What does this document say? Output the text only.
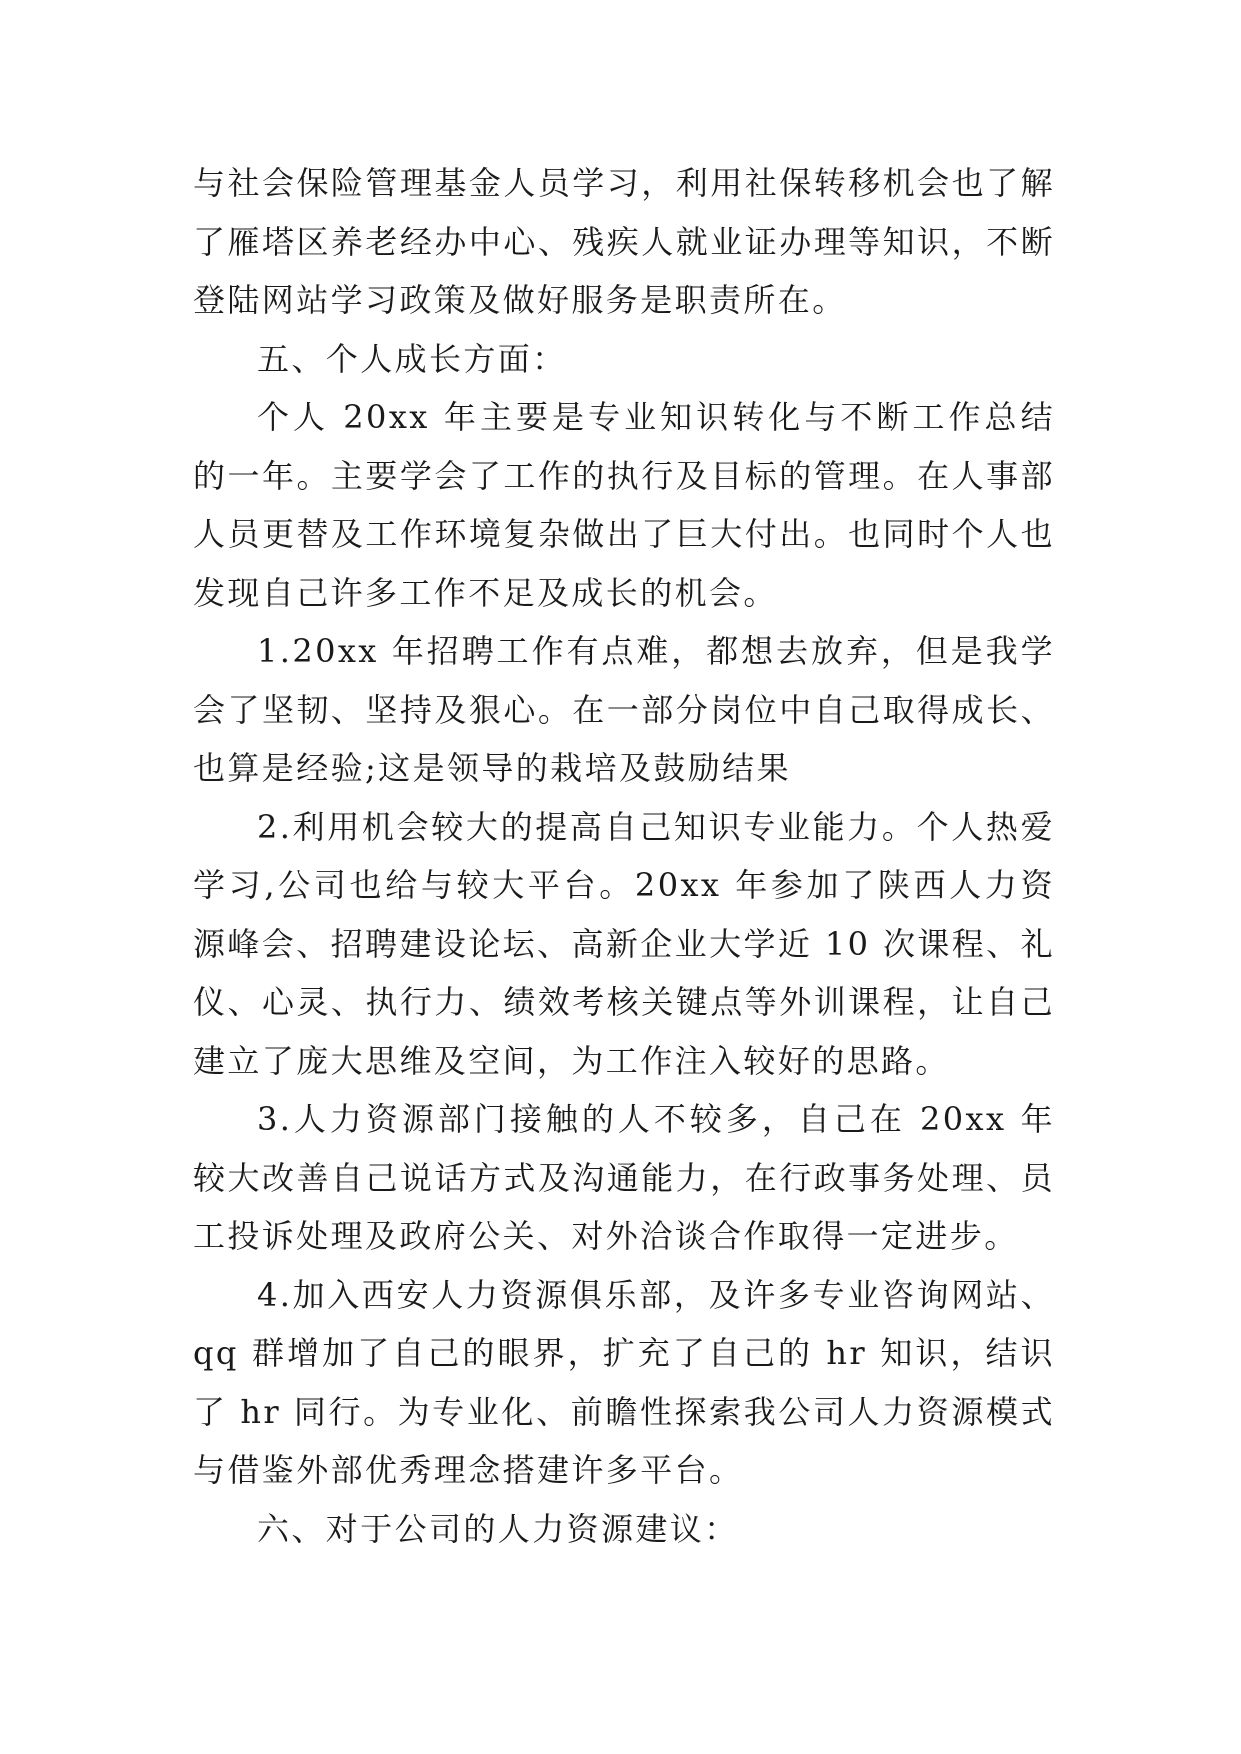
与社会保险管理基金人员学习，利用社保转移机会也了解了雁塔区养老经办中心、残疾人就业证办理等知识，不断登陆网站学习政策及做好服务是职责所在。

五、个人成长方面：

个人 20xx 年主要是专业知识转化与不断工作总结的一年。主要学会了工作的执行及目标的管理。在人事部人员更替及工作环境复杂做出了巨大付出。也同时个人也发现自己许多工作不足及成长的机会。

1.20xx 年招聘工作有点难，都想去放弃，但是我学会了坚韧、坚持及狠心。在一部分岗位中自己取得成长、也算是经验;这是领导的栽培及鼓励结果

2.利用机会较大的提高自己知识专业能力。个人热爱学习,公司也给与较大平台。20xx 年参加了陕西人力资源峰会、招聘建设论坛、高新企业大学近 10 次课程、礼仪、心灵、执行力、绩效考核关键点等外训课程，让自己建立了庞大思维及空间，为工作注入较好的思路。

3.人力资源部门接触的人不较多，自己在 20xx 年较大改善自己说话方式及沟通能力，在行政事务处理、员工投诉处理及政府公关、对外洽谈合作取得一定进步。

4.加入西安人力资源俱乐部，及许多专业咨询网站、qq 群增加了自己的眼界，扩充了自己的 hr 知识，结识了 hr 同行。为专业化、前瞻性探索我公司人力资源模式与借鉴外部优秀理念搭建许多平台。

六、对于公司的人力资源建议：
